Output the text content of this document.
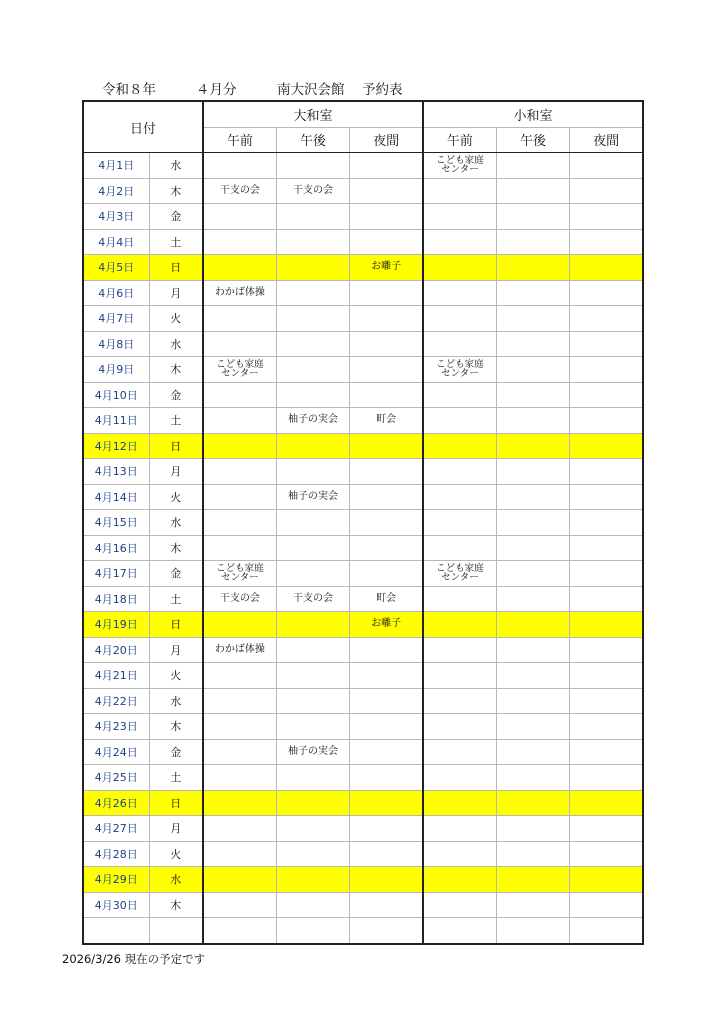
令和８年	４月分	南大沢会館 予約表
日付		大和室			小和室		
		午前	午後	夜間	午前	午後	夜間
4月1日	水				こども家庭
センター		
4月2日	木	干支の会	干支の会				
4月3日	金						
4月4日	土						
4月5日	日			お囃子			
4月6日	月	わかば体操					
4月7日	火						
4月8日	水						
4月9日	木	こども家庭
センター			こども家庭
センター		
4月10日	金						
4月11日	土		柚子の実会	町会			
4月12日	日						
4月13日	月						
4月14日	火		柚子の実会				
4月15日	水						
4月16日	木						
4月17日	金	こども家庭
センター			こども家庭
センター		
4月18日	土	干支の会	干支の会	町会			
4月19日	日			お囃子			
4月20日	月	わかば体操					
4月21日	火						
4月22日	水						
4月23日	木						
4月24日	金		柚子の実会				
4月25日	土						
4月26日	日						
4月27日	月						
4月28日	火						
4月29日	水						
4月30日	木						

2026/3/26 現在の予定です
